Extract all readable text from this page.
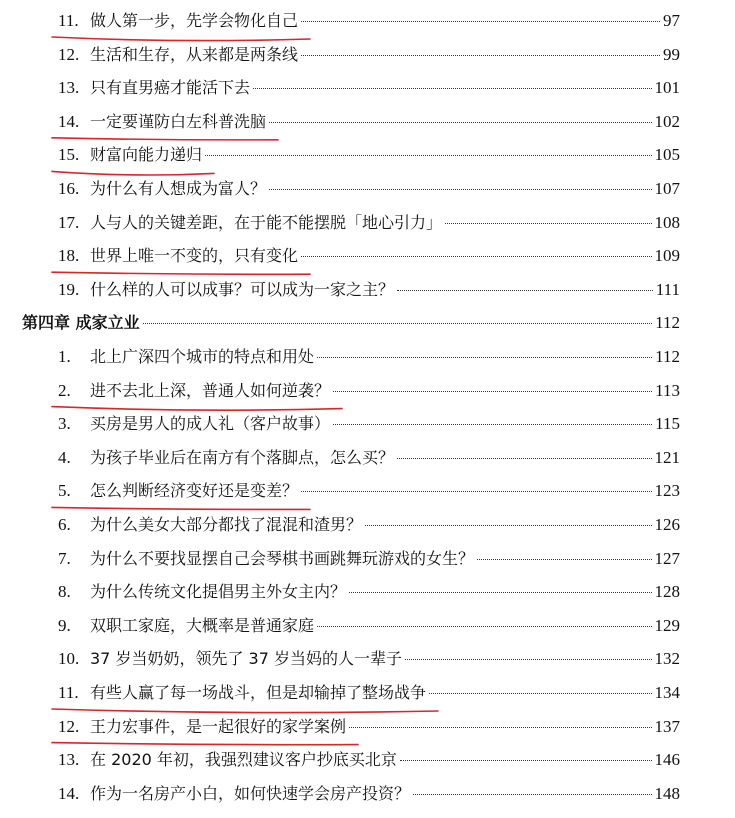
11. 做人第一步，先学会物化自己	97
12. 生活和生存，从来都是两条线	99
13. 只有直男癌才能活下去	101
14. 一定要谨防白左科普洗脑	102
15. 财富向能力递归	105
16. 为什么有人想成为富人？	107
17. 人与人的关键差距，在于能不能摆脱「地心引力」	108
18. 世界上唯一不变的，只有变化	109
19. 什么样的人可以成事？可以成为一家之主？	111
第四章 成家立业	112
1.	北上广深四个城市的特点和用处	112
2.	进不去北上深，普通人如何逆袭？	113
3.	买房是男人的成人礼（客户故事）	115
4.	为孩子毕业后在南方有个落脚点，怎么买？	121
5.	怎么判断经济变好还是变差？	123
6.	为什么美女大部分都找了混混和渣男？	126
7.	为什么不要找显摆自己会琴棋书画跳舞玩游戏的女生？	127
8.	为什么传统文化提倡男主外女主内？	128
9.	双职工家庭，大概率是普通家庭	129
10. 37 岁当奶奶，领先了 37 岁当妈的人一辈子	132
11. 有些人赢了每一场战斗，但是却输掉了整场战争	134
12. 王力宏事件，是一起很好的家学案例	137
13. 在 2020 年初，我强烈建议客户抄底买北京	146
14. 作为一名房产小白，如何快速学会房产投资？	148
